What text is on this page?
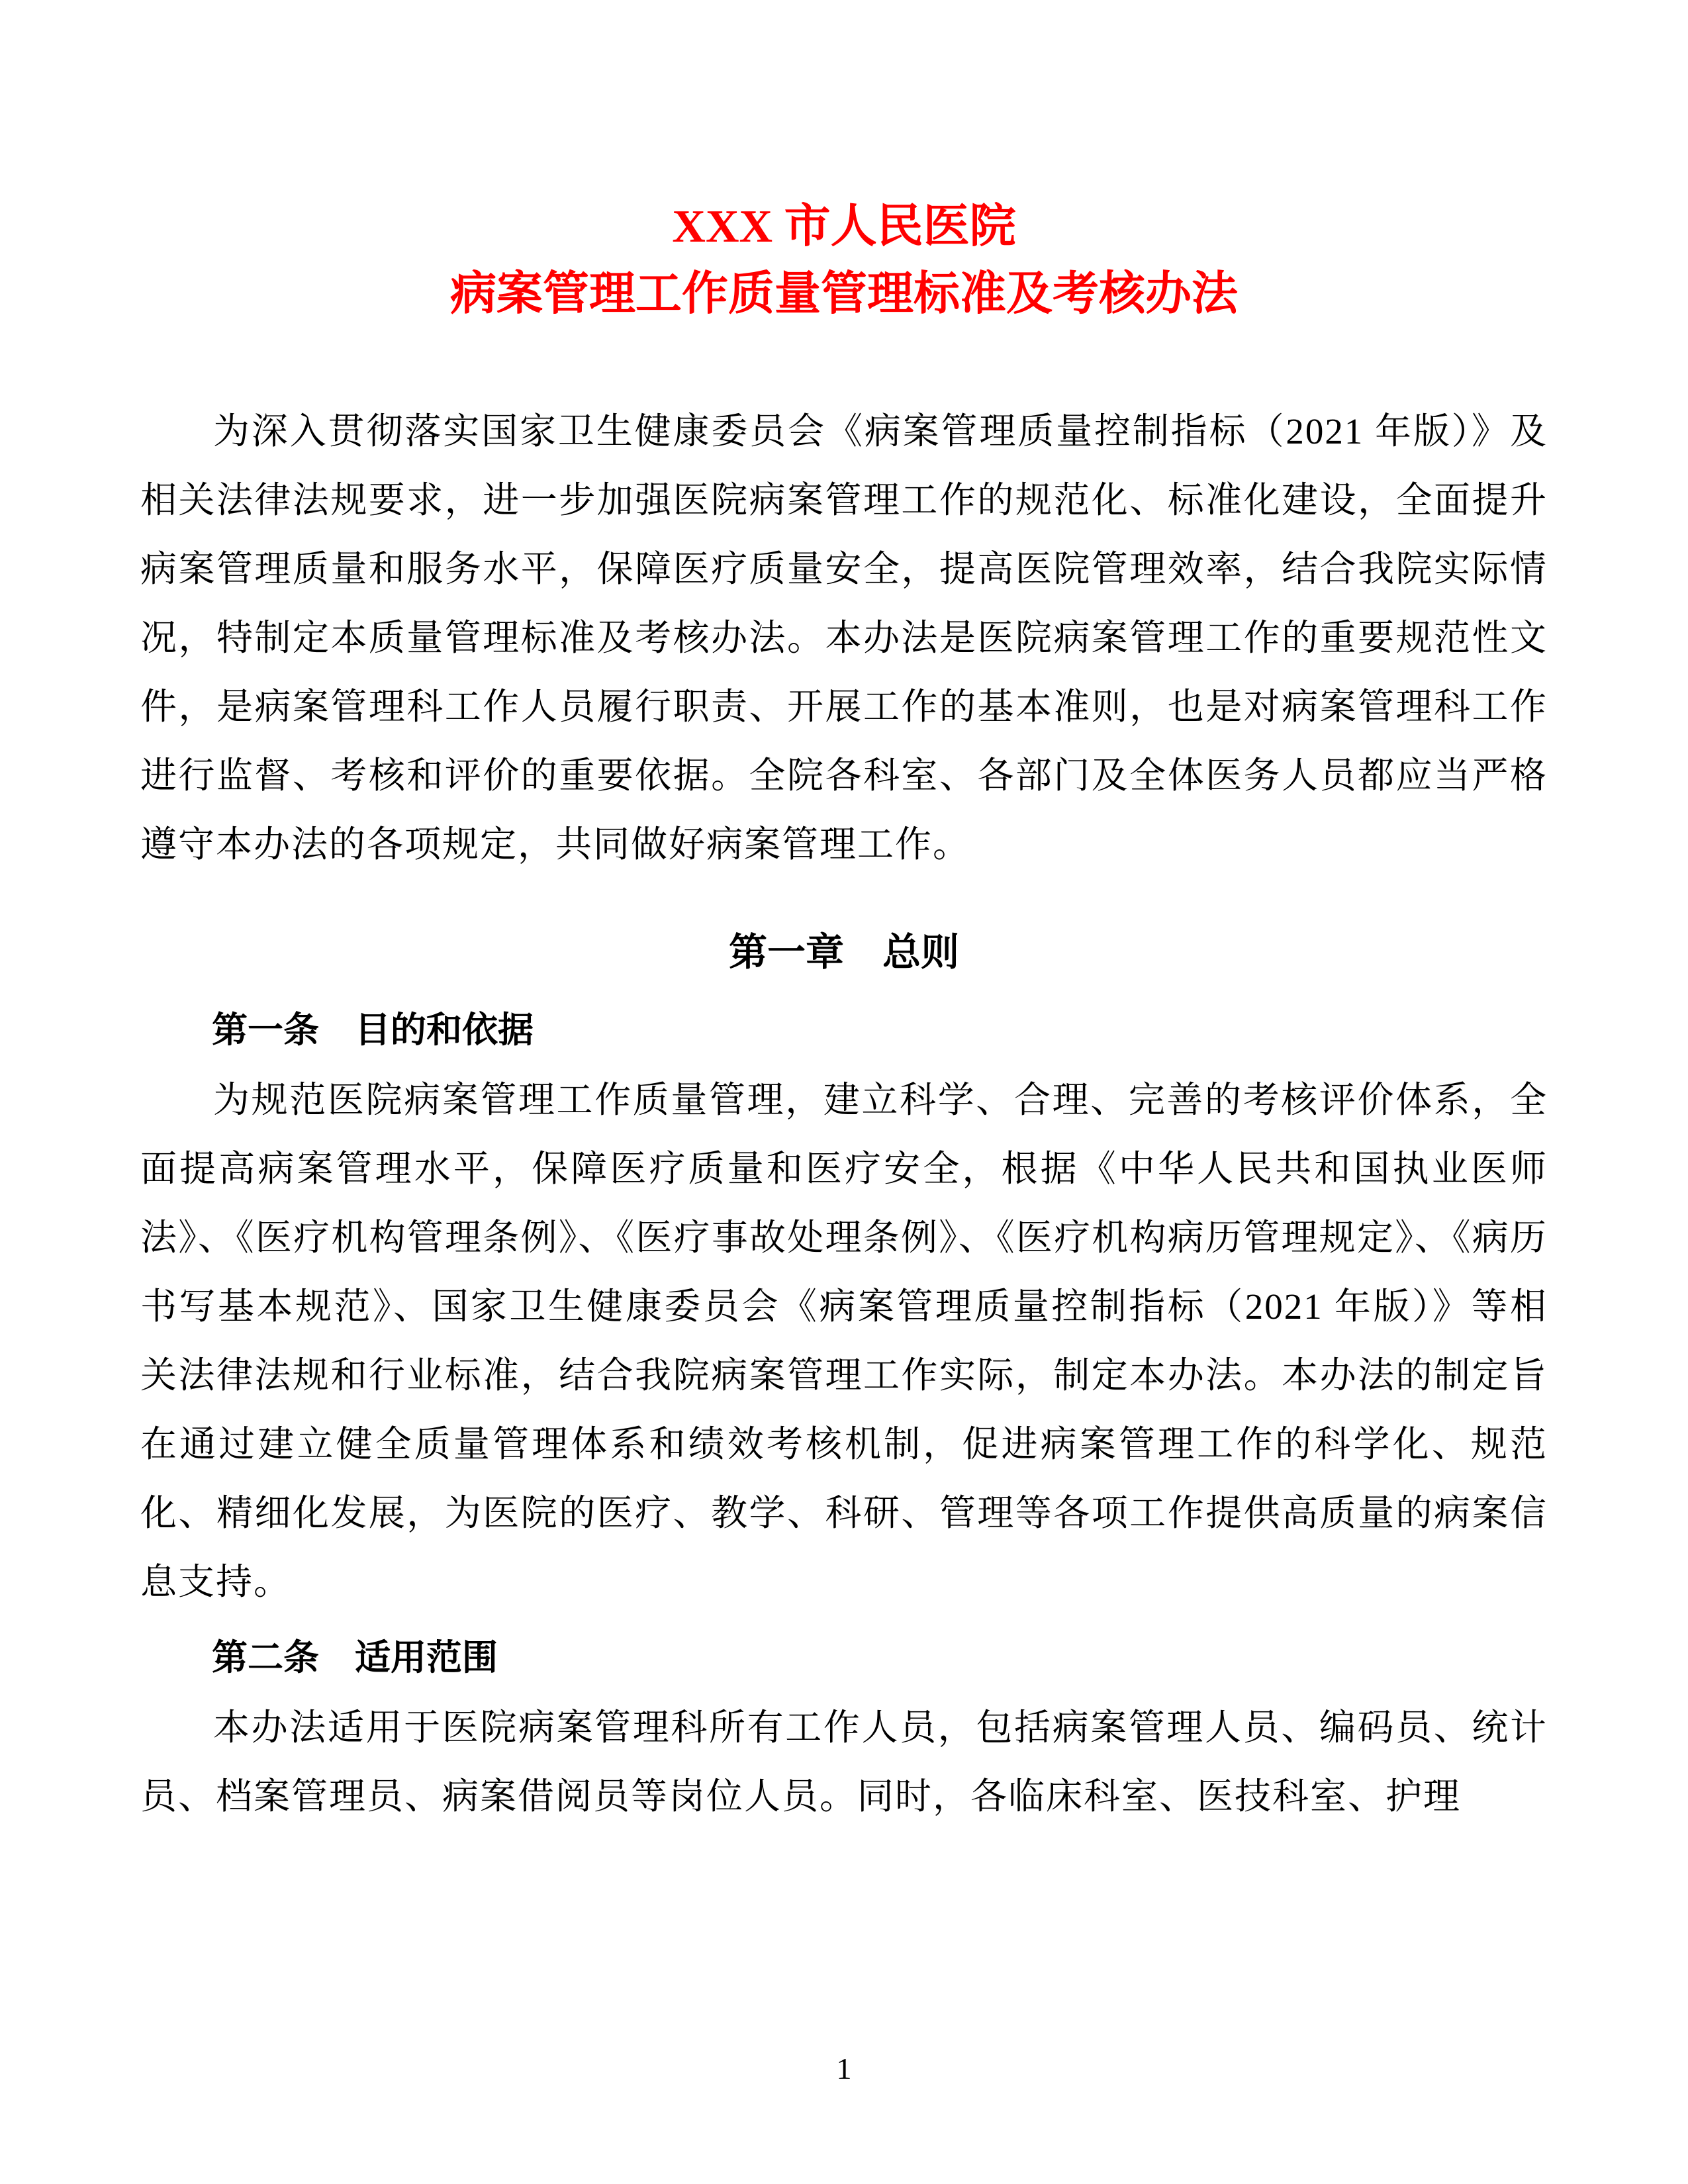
XXX 市人民医院
病案管理工作质量管理标准及考核办法

为深入贯彻落实国家卫生健康委员会《病案管理质量控制指标（2021 年版）》及相关法律法规要求，进一步加强医院病案管理工作的规范化、标准化建设，全面提升病案管理质量和服务水平，保障医疗质量安全，提高医院管理效率，结合我院实际情况，特制定本质量管理标准及考核办法。本办法是医院病案管理工作的重要规范性文件，是病案管理科工作人员履行职责、开展工作的基本准则，也是对病案管理科工作进行监督、考核和评价的重要依据。全院各科室、各部门及全体医务人员都应当严格遵守本办法的各项规定，共同做好病案管理工作。

第一章　总则
第一条　目的和依据

为规范医院病案管理工作质量管理，建立科学、合理、完善的考核评价体系，全面提高病案管理水平，保障医疗质量和医疗安全，根据《中华人民共和国执业医师法》、《医疗机构管理条例》、《医疗事故处理条例》、《医疗机构病历管理规定》、《病历书写基本规范》、国家卫生健康委员会《病案管理质量控制指标（2021 年版）》等相关法律法规和行业标准，结合我院病案管理工作实际，制定本办法。本办法的制定旨在通过建立健全质量管理体系和绩效考核机制，促进病案管理工作的科学化、规范化、精细化发展，为医院的医疗、教学、科研、管理等各项工作提供高质量的病案信息支持。

第二条　适用范围

本办法适用于医院病案管理科所有工作人员，包括病案管理人员、编码员、统计员、档案管理员、病案借阅员等岗位人员。同时，各临床科室、医技科室、护理

1
